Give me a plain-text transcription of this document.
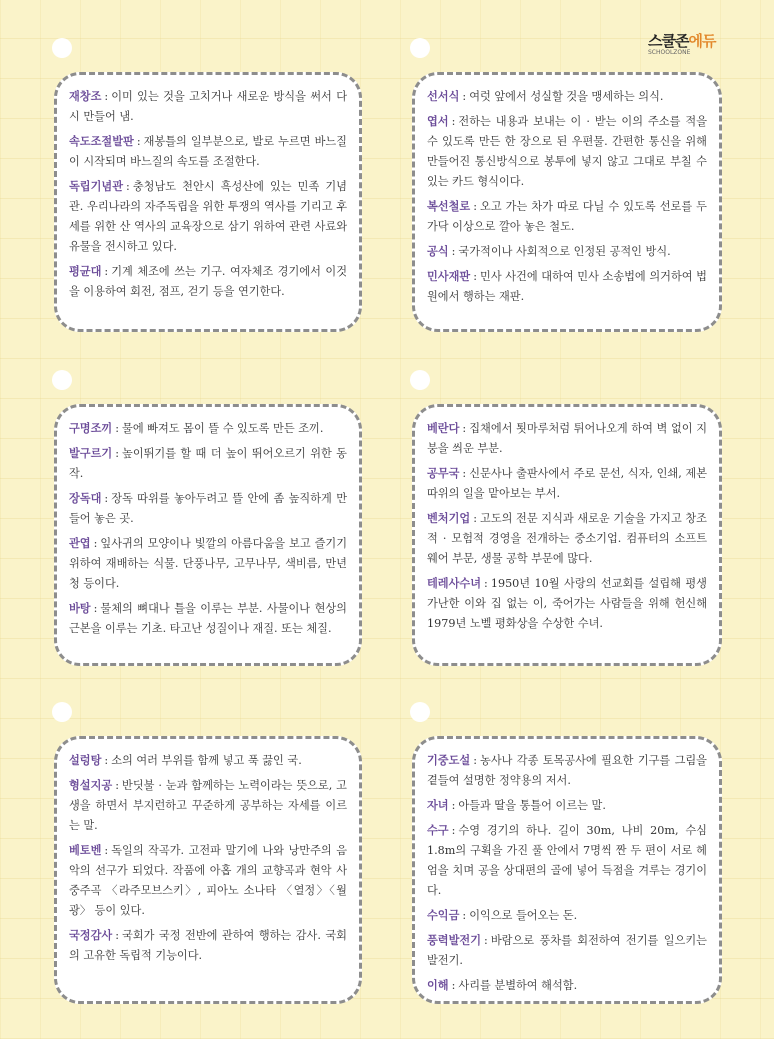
스쿨존에듀
SCHOOLZONE

재창조 : 이미 있는 것을 고치거나 새로운 방식을 써서 다시 만들어 냄.

속도조절발판 : 재봉틀의 일부분으로, 발로 누르면 바느질이 시작되며 바느질의 속도를 조절한다.

독립기념관 : 충청남도 천안시 흑성산에 있는 민족 기념관. 우리나라의 자주독립을 위한 투쟁의 역사를 기리고 후세를 위한 산 역사의 교육장으로 삼기 위하여 관련 사료와 유물을 전시하고 있다.

평균대 : 기계 체조에 쓰는 기구. 여자체조 경기에서 이것을 이용하여 회전, 점프, 걷기 등을 연기한다.

선서식 : 여럿 앞에서 성실할 것을 맹세하는 의식.

엽서 : 전하는 내용과 보내는 이 · 받는 이의 주소를 적을 수 있도록 만든 한 장으로 된 우편물. 간편한 통신을 위해 만들어진 통신방식으로 봉투에 넣지 않고 그대로 부칠 수 있는 카드 형식이다.

복선철로 : 오고 가는 차가 따로 다닐 수 있도록 선로를 두 가닥 이상으로 깔아 놓은 철도.

공식 : 국가적이나 사회적으로 인정된 공적인 방식.

민사재판 : 민사 사건에 대하여 민사 소송법에 의거하여 법원에서 행하는 재판.

구명조끼 : 물에 빠져도 몸이 뜰 수 있도록 만든 조끼.

발구르기 : 높이뛰기를 할 때 더 높이 뛰어오르기 위한 동작.

장독대 : 장독 따위를 놓아두려고 뜰 안에 좀 높직하게 만들어 놓은 곳.

관엽 : 잎사귀의 모양이나 빛깔의 아름다움을 보고 즐기기 위하여 재배하는 식물. 단풍나무, 고무나무, 색비름, 만년청 등이다.

바탕 : 물체의 뼈대나 틀을 이루는 부분. 사물이나 현상의 근본을 이루는 기초. 타고난 성질이나 재질. 또는 체질.

베란다 : 집채에서 툇마루처럼 튀어나오게 하여 벽 없이 지붕을 씌운 부분.

공무국 : 신문사나 출판사에서 주로 문선, 식자, 인쇄, 제본 따위의 일을 맡아보는 부서.

벤처기업 : 고도의 전문 지식과 새로운 기술을 가지고 창조적 · 모험적 경영을 전개하는 중소기업. 컴퓨터의 소프트웨어 부문, 생물 공학 부문에 많다.

테레사수녀 : 1950년 10월 사랑의 선교회를 설립해 평생 가난한 이와 집 없는 이, 죽어가는 사람들을 위해 헌신해 1979년 노벨 평화상을 수상한 수녀.

설렁탕 : 소의 여러 부위를 함께 넣고 푹 끓인 국.

형설지공 : 반딧불 · 눈과 함께하는 노력이라는 뜻으로, 고생을 하면서 부지런하고 꾸준하게 공부하는 자세를 이르는 말.

베토벤 : 독일의 작곡가. 고전파 말기에 나와 낭만주의 음악의 선구가 되었다. 작품에 아홉 개의 교향곡과 현악 사중주곡 〈라주모브스키〉, 피아노 소나타 〈열정〉〈월광〉 등이 있다.

국정감사 : 국회가 국정 전반에 관하여 행하는 감사. 국회의 고유한 독립적 기능이다.

기중도설 : 농사나 각종 토목공사에 필요한 기구를 그림을 곁들여 설명한 정약용의 저서.

자녀 : 아들과 딸을 통틀어 이르는 말.

수구 : 수영 경기의 하나. 길이 30m, 나비 20m, 수심 1.8m의 구획을 가진 풀 안에서 7명씩 짠 두 편이 서로 헤엄을 치며 공을 상대편의 골에 넣어 득점을 겨루는 경기이다.

수익금 : 이익으로 들어오는 돈.

풍력발전기 : 바람으로 풍차를 회전하여 전기를 일으키는 발전기.

이해 : 사리를 분별하여 해석함.
